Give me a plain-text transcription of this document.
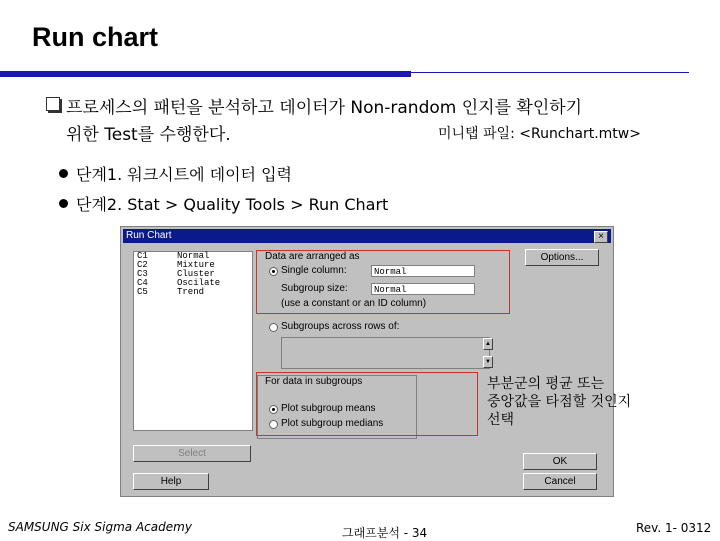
Run chart
프로세스의 패턴을 분석하고 데이터가 Non-random 인지를 확인하기
위한 Test를 수행한다.	미니탭 파일: <Runchart.mtw>
단계1. 워크시트에 데이터 입력
단계2. Stat > Quality Tools > Run Chart
Run Chart	×
C1	Normal
C2	Mixture
C3	Cluster
C4	Oscilate
C5	Trend
Data are arranged as
Single column:	Normal
Subgroup size:	Normal
(use a constant or an ID column)
Subgroups across rows of:
▲
▼
For data in subgroups
Plot subgroup means
Plot subgroup medians
Options...
Select
Help
OK
Cancel
부분군의 평균 또는
중앙값을 타점할 것인지
선택
SAMSUNG Six Sigma Academy	그래프분석 - 34	Rev. 1- 0312
